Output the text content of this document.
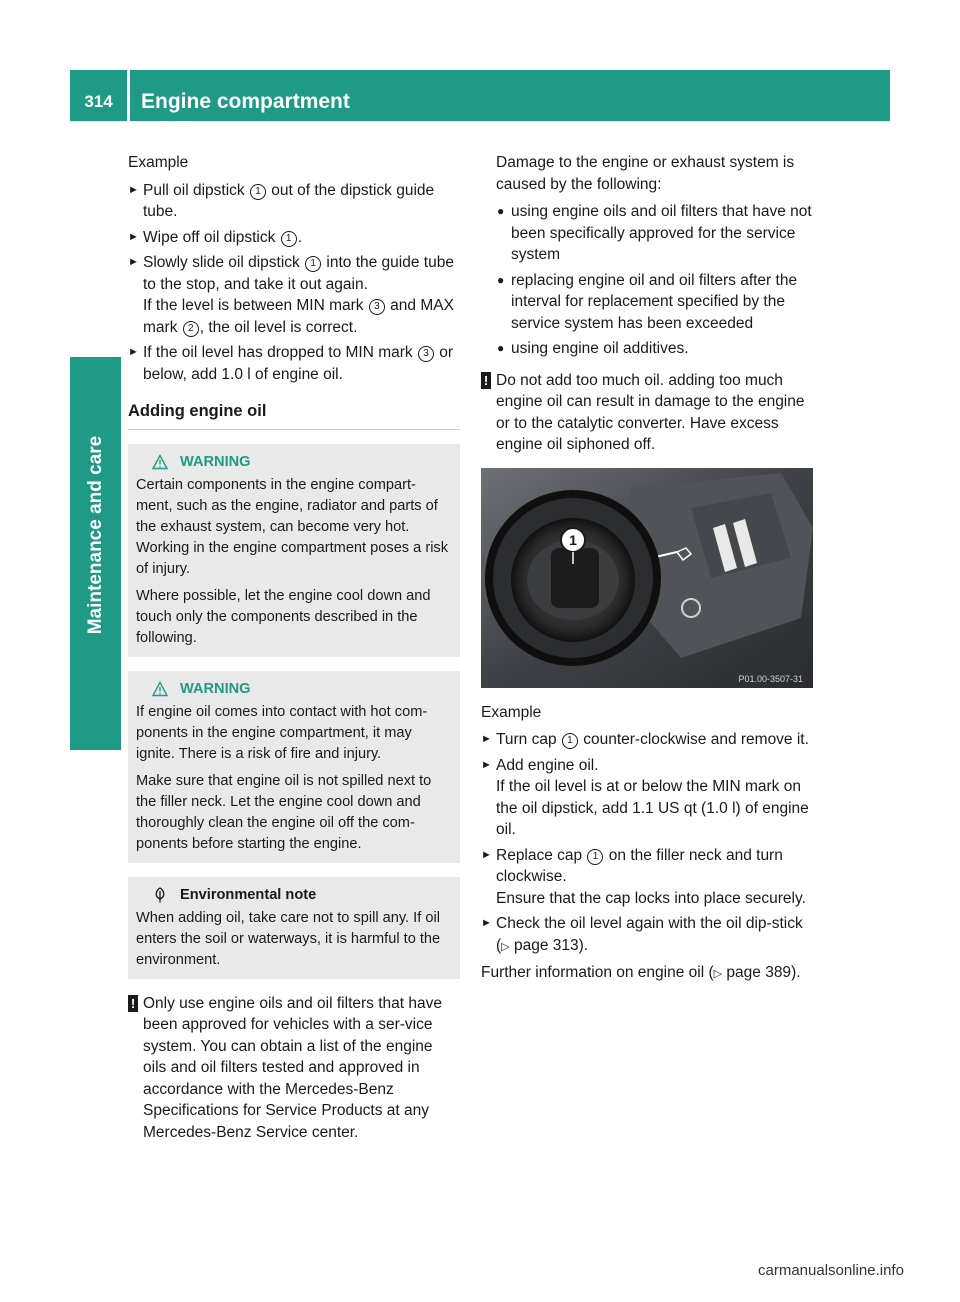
314	Engine compartment
Maintenance and care

Example

► Pull oil dipstick 1 out of the dipstick guide tube.
► Wipe off oil dipstick 1 .
► Slowly slide oil dipstick 1 into the guide tube to the stop, and take it out again.
If the level is between MIN mark 3 and MAX mark 2 , the oil level is correct.
► If the oil level has dropped to MIN mark 3 or below, add 1.0 l of engine oil.
Adding engine oil
WARNING

Certain components in the engine compart-ment, such as the engine, radiator and parts of the exhaust system, can become very hot. Working in the engine compartment poses a risk of injury.

Where possible, let the engine cool down and touch only the components described in the following.

WARNING

If engine oil comes into contact with hot com-ponents in the engine compartment, it may ignite. There is a risk of fire and injury.

Make sure that engine oil is not spilled next to the filler neck. Let the engine cool down and thoroughly clean the engine oil off the com-ponents before starting the engine.

Environmental note

When adding oil, take care not to spill any. If oil enters the soil or waterways, it is harmful to the environment.

! Only use engine oils and oil filters that have been approved for vehicles with a ser-vice system. You can obtain a list of the engine oils and oil filters tested and approved in accordance with the Mercedes-Benz Specifications for Service Products at any Mercedes-Benz Service center.

Damage to the engine or exhaust system is caused by the following:

● using engine oils and oil filters that have not been specifically approved for the service system
● replacing engine oil and oil filters after the interval for replacement specified by the service system has been exceeded
● using engine oil additives.
! Do not add too much oil. adding too much engine oil can result in damage to the engine or to the catalytic converter. Have excess engine oil siphoned off.
1
P01.00-3507-31

Example

► Turn cap 1 counter-clockwise and remove it.
► Add engine oil.
If the oil level is at or below the MIN mark on the oil dipstick, add 1.1 US qt (1.0 l) of engine oil.
► Replace cap 1 on the filler neck and turn clockwise.
Ensure that the cap locks into place securely.
► Check the oil level again with the oil dip-stick (▷ page 313).

Further information on engine oil (▷ page 389).

carmanualsonline.info
